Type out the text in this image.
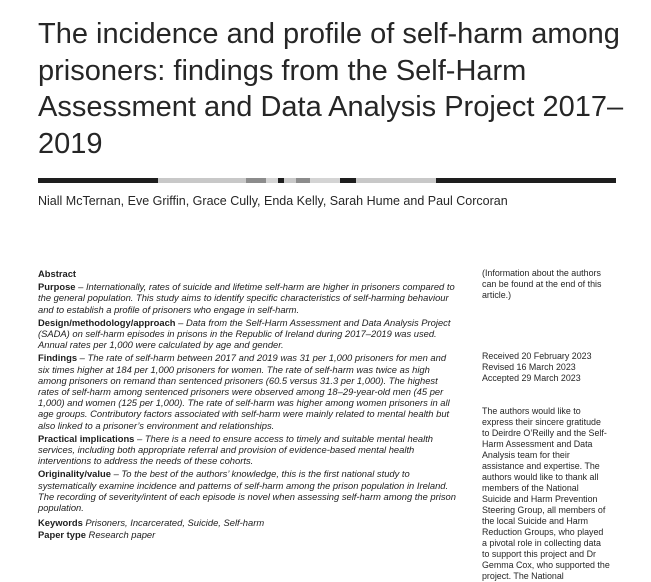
The incidence and profile of self-harm among prisoners: findings from the Self-Harm Assessment and Data Analysis Project 2017–2019
Niall McTernan, Eve Griffin, Grace Cully, Enda Kelly, Sarah Hume and Paul Corcoran
Abstract
Purpose – Internationally, rates of suicide and lifetime self-harm are higher in prisoners compared to the general population. This study aims to identify specific characteristics of self-harming behaviour and to establish a profile of prisoners who engage in self-harm.
Design/methodology/approach – Data from the Self-Harm Assessment and Data Analysis Project (SADA) on self-harm episodes in prisons in the Republic of Ireland during 2017–2019 was used. Annual rates per 1,000 were calculated by age and gender.
Findings – The rate of self-harm between 2017 and 2019 was 31 per 1,000 prisoners for men and six times higher at 184 per 1,000 prisoners for women. The rate of self-harm was twice as high among prisoners on remand than sentenced prisoners (60.5 versus 31.3 per 1,000). The highest rates of self-harm among sentenced prisoners were observed among 18–29-year-old men (45 per 1,000) and women (125 per 1,000). The rate of self-harm was higher among women prisoners in all age groups. Contributory factors associated with self-harm were mainly related to mental health but also linked to a prisoner’s environment and relationships.
Practical implications – There is a need to ensure access to timely and suitable mental health services, including both appropriate referral and provision of evidence-based mental health interventions to address the needs of these cohorts.
Originality/value – To the best of the authors’ knowledge, this is the first national study to systematically examine incidence and patterns of self-harm among the prison population in Ireland. The recording of severity/intent of each episode is novel when assessing self-harm among the prison population.
Keywords Prisoners, Incarcerated, Suicide, Self-harm
Paper type Research paper
(Information about the authors can be found at the end of this article.)
Received 20 February 2023
Revised 16 March 2023
Accepted 29 March 2023
The authors would like to express their sincere gratitude to Deirdre O’Reilly and the Self-Harm Assessment and Data Analysis team for their assistance and expertise. The authors would like to thank all members of the National Suicide and Harm Prevention Steering Group, all members of the local Suicide and Harm Reduction Groups, who played a pivotal role in collecting data to support this project and Dr Gemma Cox, who supported the project. The National
